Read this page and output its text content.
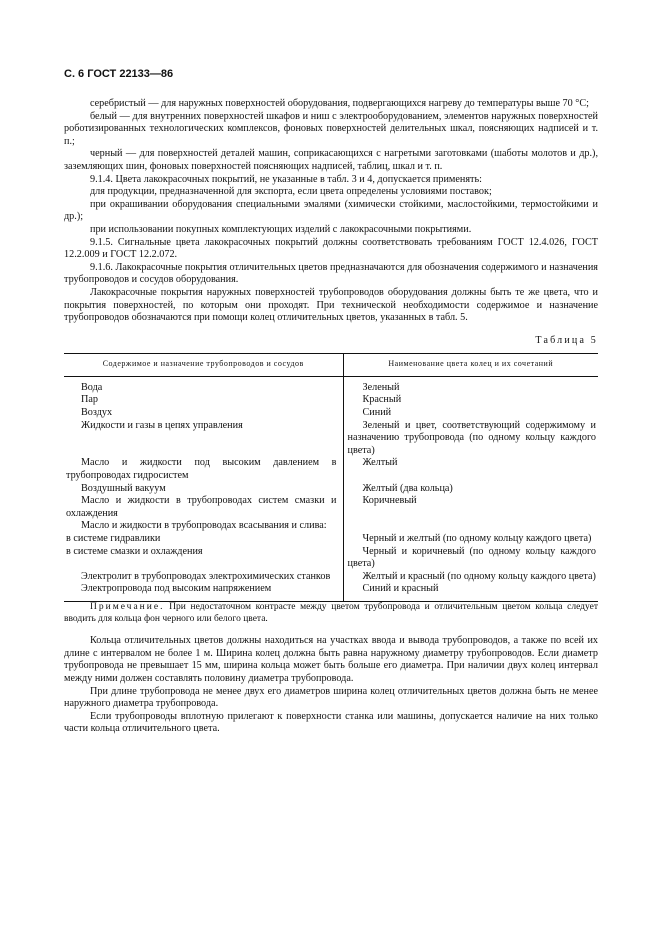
С. 6 ГОСТ 22133—86

серебристый — для наружных поверхностей оборудования, подвергающихся нагреву до температуры выше 70 °С;

белый — для внутренних поверхностей шкафов и ниш с электрооборудованием, элементов наружных поверхностей роботизированных технологических комплексов, фоновых поверхностей делительных шкал, поясняющих надписей и т. п.;

черный — для поверхностей деталей машин, соприкасающихся с нагретыми заготовками (шаботы молотов и др.), заземляющих шин, фоновых поверхностей поясняющих надписей, таблиц, шкал и т. п.

9.1.4. Цвета лакокрасочных покрытий, не указанные в табл. 3 и 4, допускается применять:

для продукции, предназначенной для экспорта, если цвета определены условиями поставок;

при окрашивании оборудования специальными эмалями (химически стойкими, маслостойкими, термостойкими и др.);

при использовании покупных комплектующих изделий с лакокрасочными покрытиями.

9.1.5. Сигнальные цвета лакокрасочных покрытий должны соответствовать требованиям ГОСТ 12.4.026, ГОСТ 12.2.009 и ГОСТ 12.2.072.

9.1.6. Лакокрасочные покрытия отличительных цветов предназначаются для обозначения содержимого и назначения трубопроводов и сосудов оборудования.

Лакокрасочные покрытия наружных поверхностей трубопроводов оборудования должны быть те же цвета, что и покрытия поверхностей, по которым они проходят. При технической необходимости содержимое и назначение трубопроводов обозначаются при помощи колец отличительных цветов, указанных в табл. 5.

Таблица 5
Содержимое и назначение трубопроводов и сосудов	Наименование цвета колец и их сочетаний
Вода	Зеленый
Пар	Красный
Воздух	Синий
Жидкости и газы в цепях управления	Зеленый и цвет, соответствующий содержимому и назначению трубопровода (по одному кольцу каждого цвета)
Масло и жидкости под высоким давлением в трубопроводах гидросистем	Желтый
Воздушный вакуум	Желтый (два кольца)
Масло и жидкости в трубопроводах систем смазки и охлаждения	Коричневый
Масло и жидкости в трубопроводах всасывания и слива:	
в системе гидравлики	Черный и желтый (по одному кольцу каждого цвета)
в системе смазки и охлаждения	Черный и коричневый (по одному кольцу каждого цвета)
Электролит в трубопроводах электрохимических станков	Желтый и красный (по одному кольцу каждого цвета)
Электропровода под высоким напряжением	Синий и красный

Примечание. При недостаточном контрасте между цветом трубопровода и отличительным цветом кольца следует вводить для кольца фон черного или белого цвета.

Кольца отличительных цветов должны находиться на участках ввода и вывода трубопроводов, а также по всей их длине с интервалом не более 1 м. Ширина колец должна быть равна наружному диаметру трубопроводов. Если диаметр трубопровода не превышает 15 мм, ширина кольца может быть больше его диаметра. При наличии двух колец интервал между ними должен составлять половину диаметра трубопровода.

При длине трубопровода не менее двух его диаметров ширина колец отличительных цветов должна быть не менее наружного диаметра трубопровода.

Если трубопроводы вплотную прилегают к поверхности станка или машины, допускается наличие на них только части кольца отличительного цвета.
